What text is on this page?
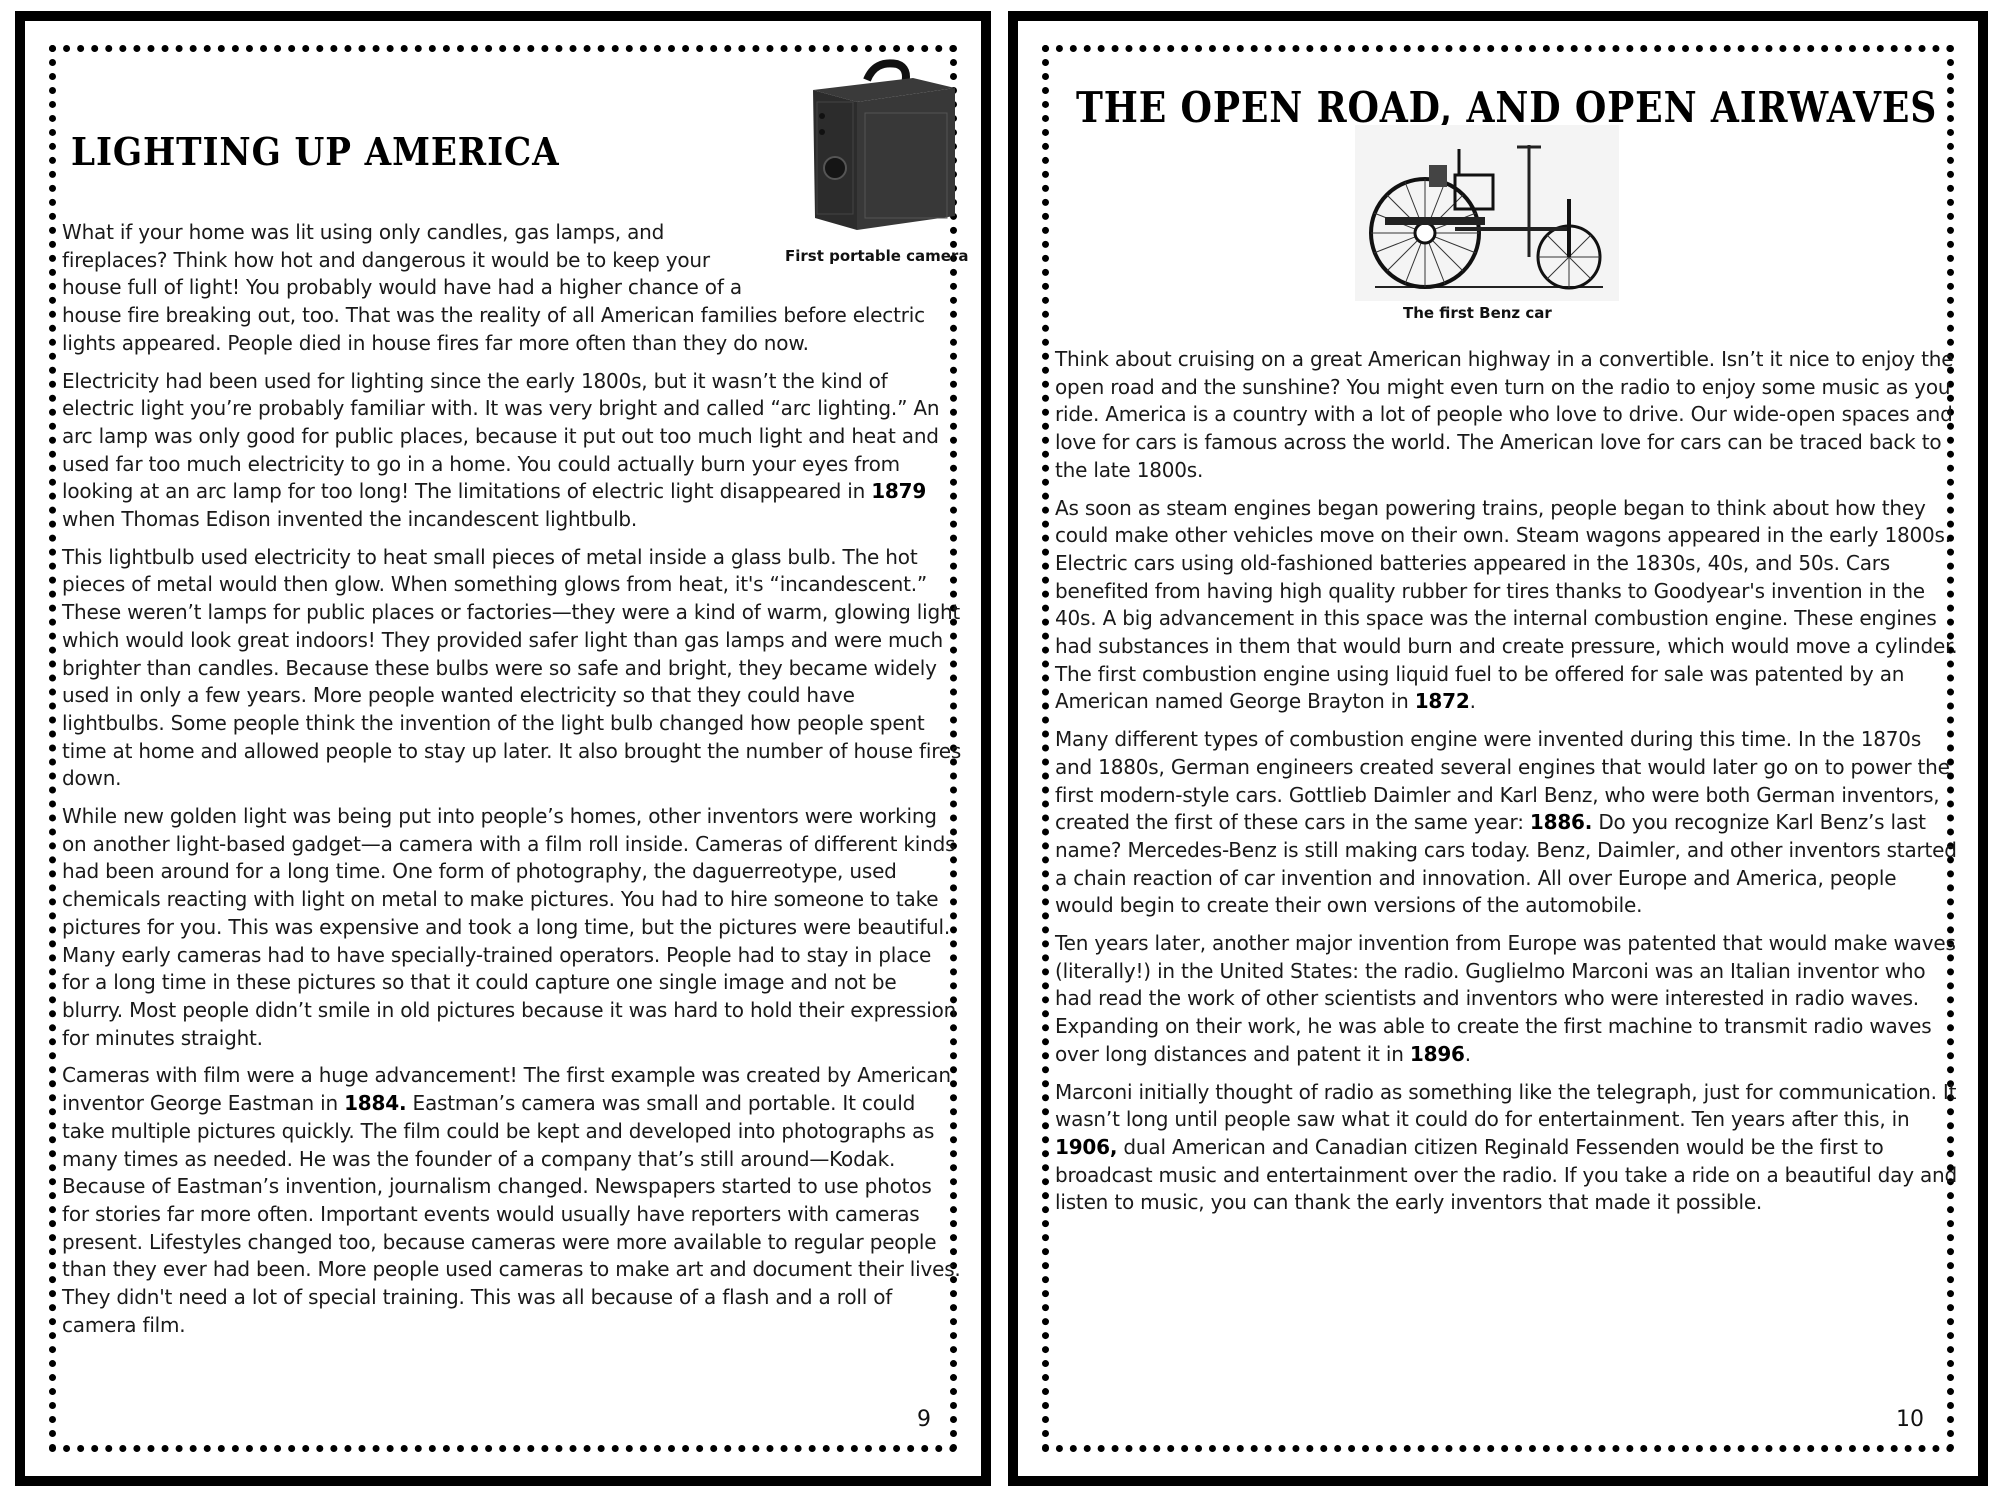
LIGHTING UP AMERICA
First portable camera

What if your home was lit using only candles, gas lamps, and fireplaces? Think how hot and dangerous it would be to keep your house full of light! You probably would have had a higher chance of a house fire breaking out, too. That was the reality of all American families before electric lights appeared. People died in house fires far more often than they do now.

Electricity had been used for lighting since the early 1800s, but it wasn’t the kind of electric light you’re probably familiar with. It was very bright and called “arc lighting.” An arc lamp was only good for public places, because it put out too much light and heat and used far too much electricity to go in a home. You could actually burn your eyes from looking at an arc lamp for too long! The limitations of electric light disappeared in 1879 when Thomas Edison invented the incandescent lightbulb.

This lightbulb used electricity to heat small pieces of metal inside a glass bulb. The hot pieces of metal would then glow. When something glows from heat, it's “incandescent.” These weren’t lamps for public places or factories—they were a kind of warm, glowing light which would look great indoors! They provided safer light than gas lamps and were much brighter than candles. Because these bulbs were so safe and bright, they became widely used in only a few years. More people wanted electricity so that they could have lightbulbs. Some people think the invention of the light bulb changed how people spent time at home and allowed people to stay up later. It also brought the number of house fires down.

While new golden light was being put into people’s homes, other inventors were working on another light-based gadget—a camera with a film roll inside. Cameras of different kinds had been around for a long time. One form of photography, the daguerreotype, used chemicals reacting with light on metal to make pictures. You had to hire someone to take pictures for you. This was expensive and took a long time, but the pictures were beautiful. Many early cameras had to have specially-trained operators. People had to stay in place for a long time in these pictures so that it could capture one single image and not be blurry. Most people didn’t smile in old pictures because it was hard to hold their expression for minutes straight.

Cameras with film were a huge advancement! The first example was created by American inventor George Eastman in 1884. Eastman’s camera was small and portable. It could take multiple pictures quickly. The film could be kept and developed into photographs as many times as needed. He was the founder of a company that’s still around—Kodak. Because of Eastman’s invention, journalism changed. Newspapers started to use photos for stories far more often. Important events would usually have reporters with cameras present. Lifestyles changed too, because cameras were more available to regular people than they ever had been. More people used cameras to make art and document their lives. They didn't need a lot of special training. This was all because of a flash and a roll of camera film.

9
THE OPEN ROAD, AND OPEN AIRWAVES
The first Benz car

Think about cruising on a great American highway in a convertible. Isn’t it nice to enjoy the open road and the sunshine? You might even turn on the radio to enjoy some music as you ride. America is a country with a lot of people who love to drive. Our wide-open spaces and love for cars is famous across the world. The American love for cars can be traced back to the late 1800s.

As soon as steam engines began powering trains, people began to think about how they could make other vehicles move on their own. Steam wagons appeared in the early 1800s. Electric cars using old-fashioned batteries appeared in the 1830s, 40s, and 50s. Cars benefited from having high quality rubber for tires thanks to Goodyear's invention in the 40s. A big advancement in this space was the internal combustion engine. These engines had substances in them that would burn and create pressure, which would move a cylinder. The first combustion engine using liquid fuel to be offered for sale was patented by an American named George Brayton in 1872.

Many different types of combustion engine were invented during this time. In the 1870s and 1880s, German engineers created several engines that would later go on to power the first modern-style cars. Gottlieb Daimler and Karl Benz, who were both German inventors, created the first of these cars in the same year: 1886. Do you recognize Karl Benz’s last name? Mercedes-Benz is still making cars today. Benz, Daimler, and other inventors started a chain reaction of car invention and innovation. All over Europe and America, people would begin to create their own versions of the automobile.

Ten years later, another major invention from Europe was patented that would make waves (literally!) in the United States: the radio. Guglielmo Marconi was an Italian inventor who had read the work of other scientists and inventors who were interested in radio waves. Expanding on their work, he was able to create the first machine to transmit radio waves over long distances and patent it in 1896.

Marconi initially thought of radio as something like the telegraph, just for communication. It wasn’t long until people saw what it could do for entertainment. Ten years after this, in 1906, dual American and Canadian citizen Reginald Fessenden would be the first to broadcast music and entertainment over the radio. If you take a ride on a beautiful day and listen to music, you can thank the early inventors that made it possible.

10
